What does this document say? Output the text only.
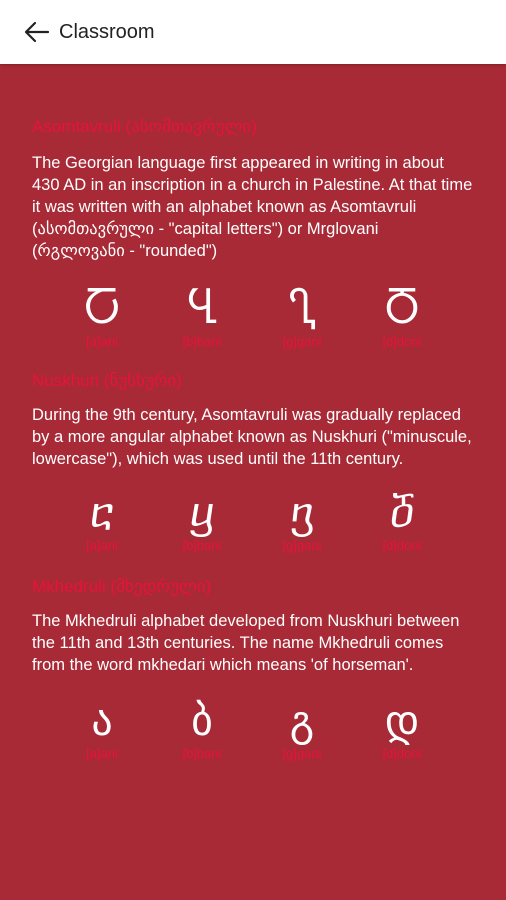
Classroom
Asomtavruli (ასომთავრული)

The Georgian language first appeared in writing in about 430 AD in an inscription in a church in Palestine. At that time it was written with an alphabet known as Asomtavruli (ასომთავრული - "capital letters") or Mrglovani (რგლოვანი - "rounded")

Ⴀ
[a]ani
Ⴁ
[b]bani
Ⴂ
[g]gani
Ⴃ
[d]doni
Nuskhuri (ნუსხური)

During the 9th century, Asomtavruli was gradually replaced by a more angular alphabet known as Nuskhuri ("minuscule, lowercase"), which was used until the 11th century.

ⴀ
[a]ani
ⴁ
[b]bani
ⴂ
[g]gani
ⴃ
[d]doni
Mkhedruli (მხედრული)

The Mkhedruli alphabet developed from Nuskhuri between the 11th and 13th centuries. The name Mkhedruli comes from the word mkhedari which means 'of horseman'.

ა
[a]ani
ბ
[b]bani
გ
[g]gani
დ
[d]doni
